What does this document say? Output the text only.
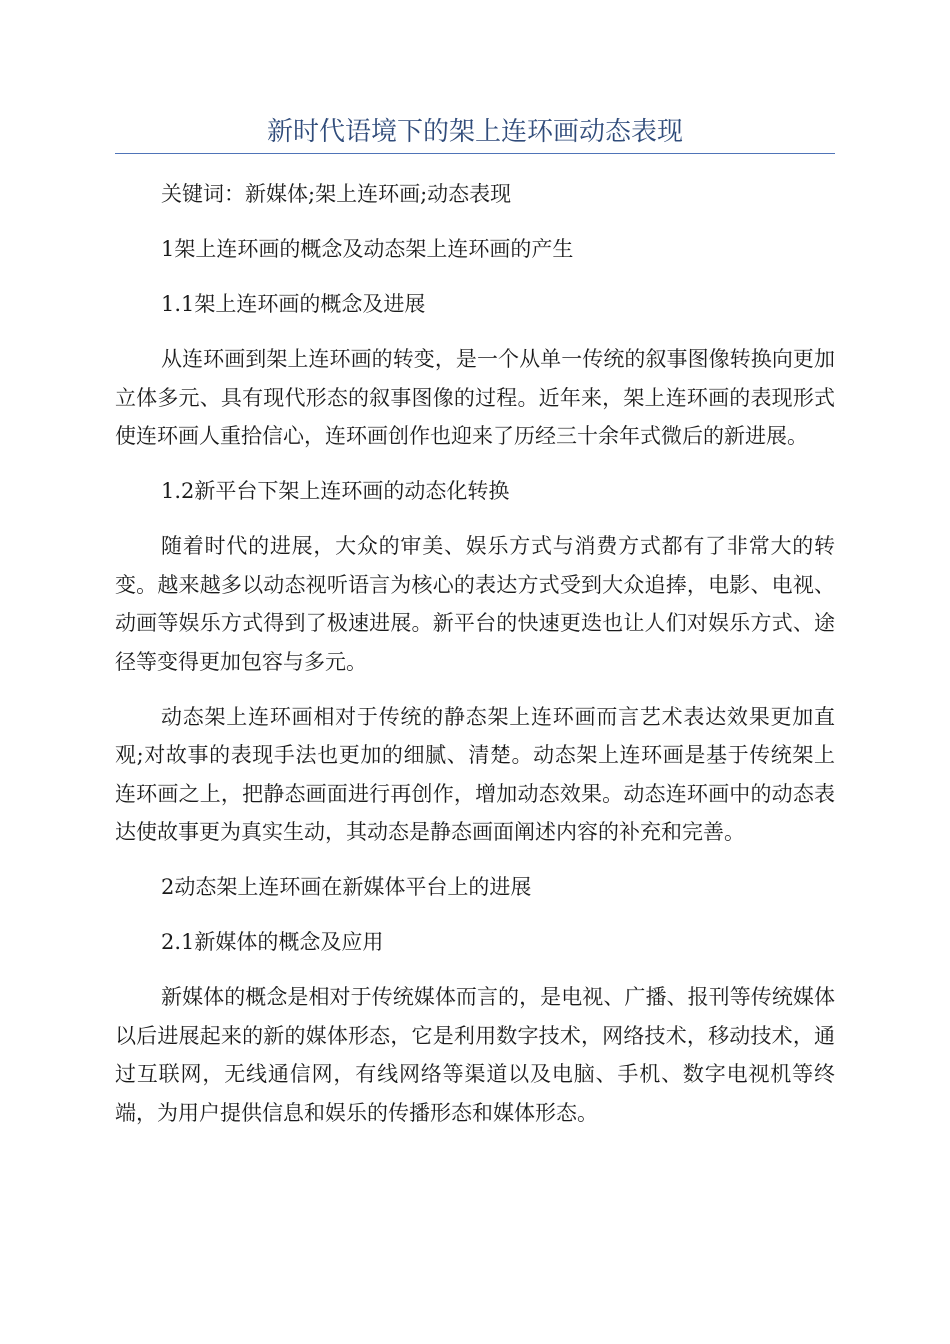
新时代语境下的架上连环画动态表现

关键词：新媒体;架上连环画;动态表现

1架上连环画的概念及动态架上连环画的产生

1.1架上连环画的概念及进展

从连环画到架上连环画的转变，是一个从单一传统的叙事图像转换向更加立体多元、具有现代形态的叙事图像的过程。近年来，架上连环画的表现形式使连环画人重拾信心，连环画创作也迎来了历经三十余年式微后的新进展。

1.2新平台下架上连环画的动态化转换

随着时代的进展，大众的审美、娱乐方式与消费方式都有了非常大的转变。越来越多以动态视听语言为核心的表达方式受到大众追捧，电影、电视、动画等娱乐方式得到了极速进展。新平台的快速更迭也让人们对娱乐方式、途径等变得更加包容与多元。

动态架上连环画相对于传统的静态架上连环画而言艺术表达效果更加直观;对故事的表现手法也更加的细腻、清楚。动态架上连环画是基于传统架上连环画之上，把静态画面进行再创作，增加动态效果。动态连环画中的动态表达使故事更为真实生动，其动态是静态画面阐述内容的补充和完善。

2动态架上连环画在新媒体平台上的进展

2.1新媒体的概念及应用

新媒体的概念是相对于传统媒体而言的，是电视、广播、报刊等传统媒体以后进展起来的新的媒体形态，它是利用数字技术，网络技术，移动技术，通过互联网，无线通信网，有线网络等渠道以及电脑、手机、数字电视机等终端，为用户提供信息和娱乐的传播形态和媒体形态。
